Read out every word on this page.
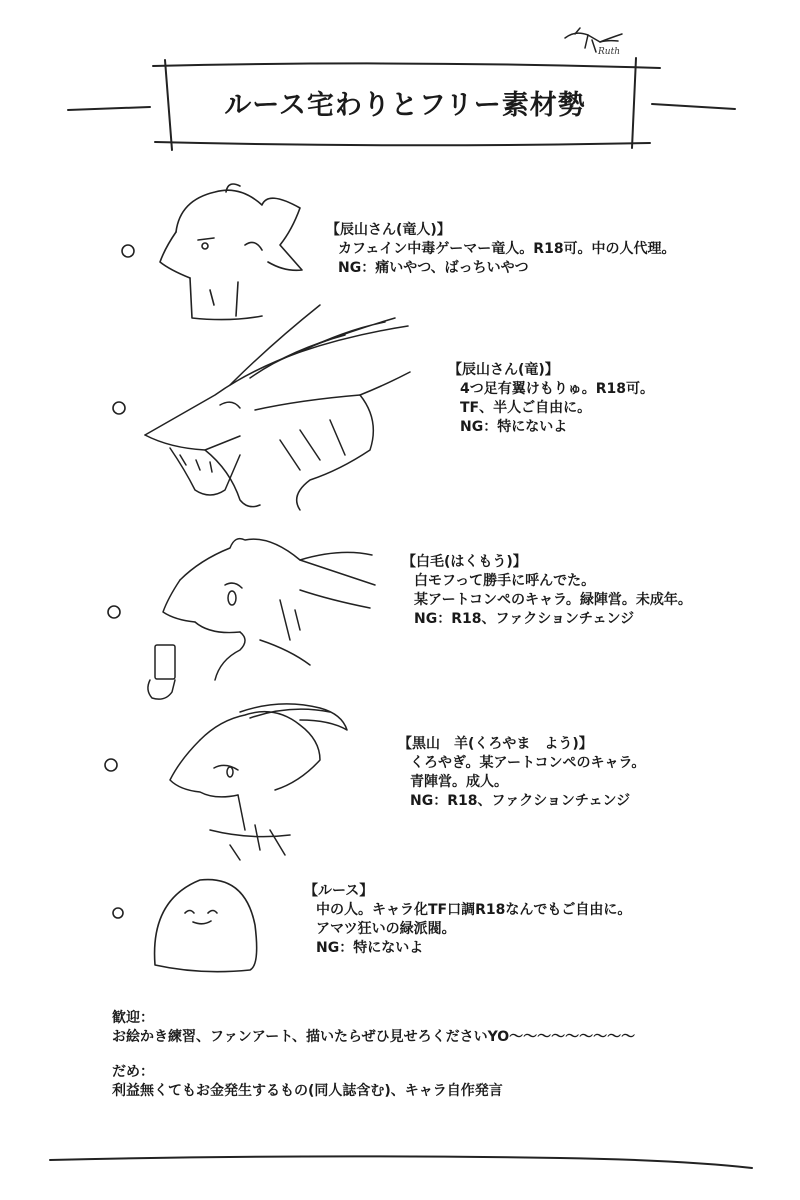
Ruth
ルース宅わりとフリー素材勢
【辰山さん(竜人)】
カフェイン中毒ゲーマー竜人。R18可。中の人代理。
NG：痛いやつ、ばっちいやつ
【辰山さん(竜)】
4つ足有翼けもりゅ。R18可。
TF、半人ご自由に。
NG：特にないよ
【白毛(はくもう)】
白モフって勝手に呼んでた。
某アートコンペのキャラ。緑陣営。未成年。
NG：R18、ファクションチェンジ
【黒山　羊(くろやま　よう)】
くろやぎ。某アートコンペのキャラ。
青陣営。成人。
NG：R18、ファクションチェンジ
【ルース】
中の人。キャラ化TF口調R18なんでもご自由に。
アマツ狂いの緑派閥。
NG：特にないよ
歓迎：
お絵かき練習、ファンアート、描いたらぜひ見せろくださいYO～～～～～～～～～
だめ：
利益無くてもお金発生するもの(同人誌含む)、キャラ自作発言
